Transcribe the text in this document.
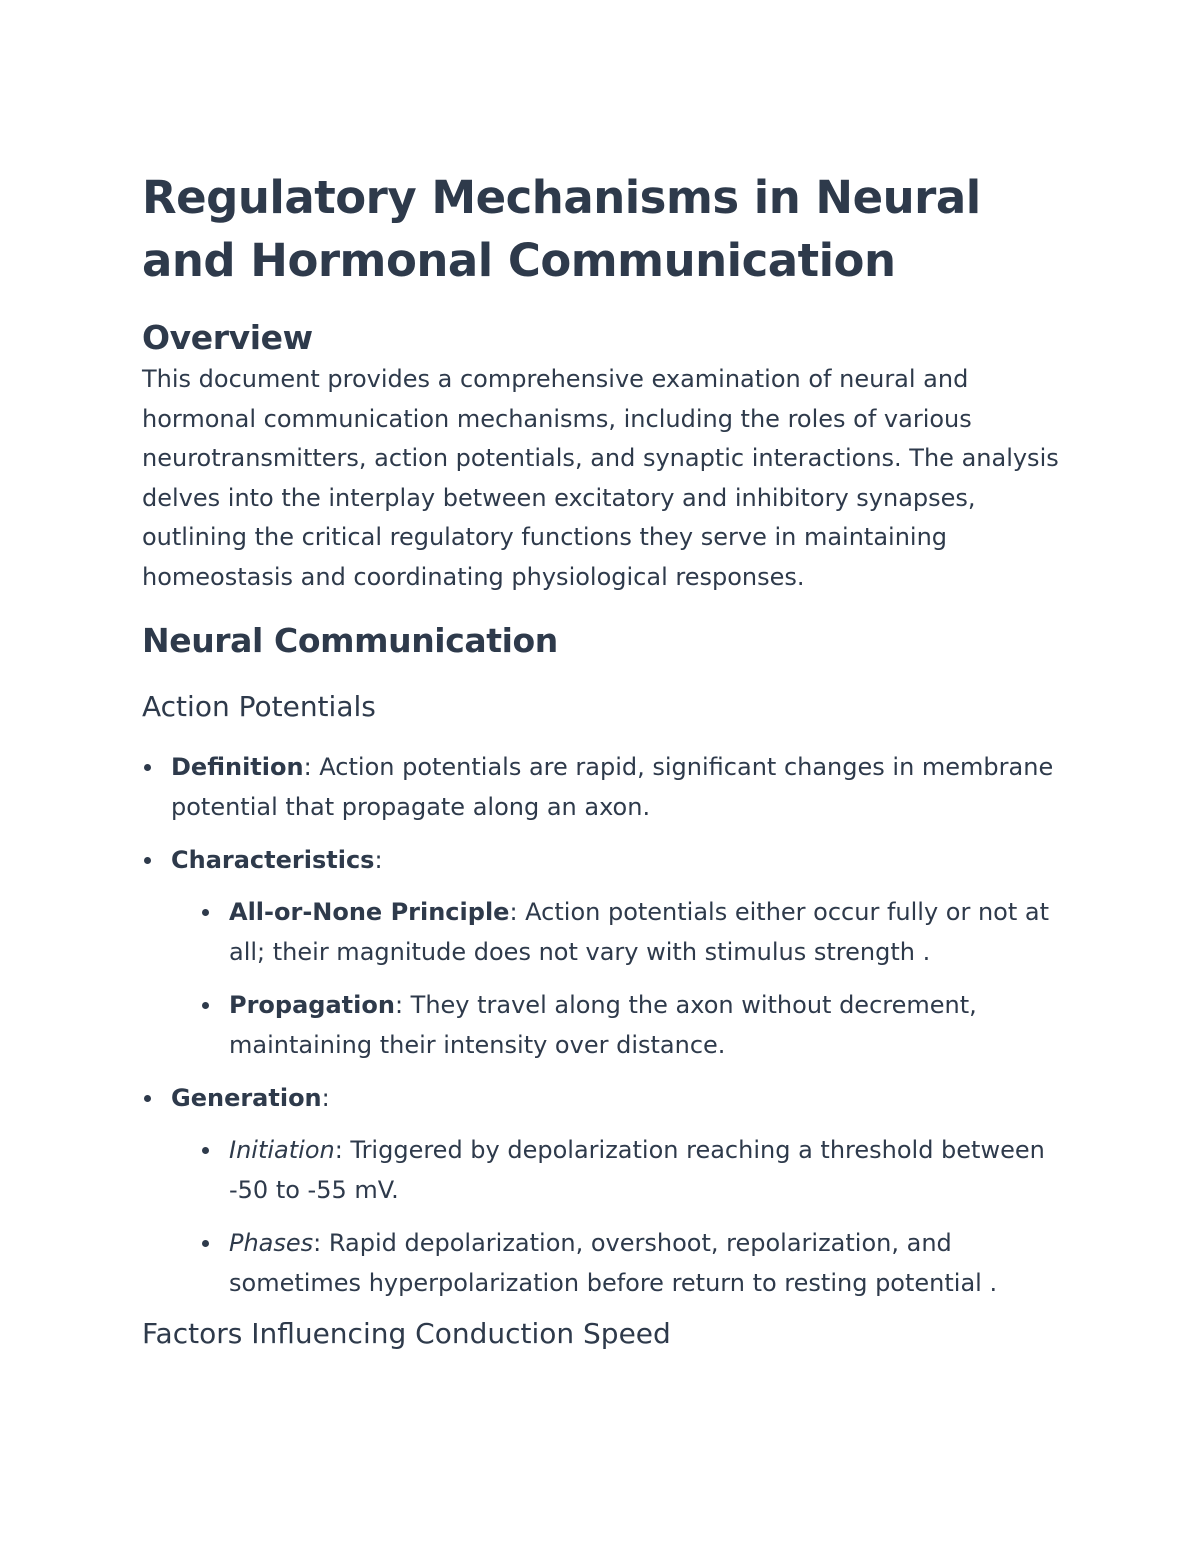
Regulatory Mechanisms in Neural and Hormonal Communication
Overview

This document provides a comprehensive examination of neural and hormonal communication mechanisms, including the roles of various neurotransmitters, action potentials, and synaptic interactions. The analysis delves into the interplay between excitatory and inhibitory synapses, outlining the critical regulatory functions they serve in maintaining homeostasis and coordinating physiological responses.

Neural Communication
Action Potentials
Definition: Action potentials are rapid, significant changes in membrane potential that propagate along an axon.
Characteristics:
All-or-None Principle: Action potentials either occur fully or not at all; their magnitude does not vary with stimulus strength .
Propagation: They travel along the axon without decrement, maintaining their intensity over distance.
Generation:
Initiation: Triggered by depolarization reaching a threshold between -50 to -55 mV.
Phases: Rapid depolarization, overshoot, repolarization, and sometimes hyperpolarization before return to resting potential .
Factors Influencing Conduction Speed
